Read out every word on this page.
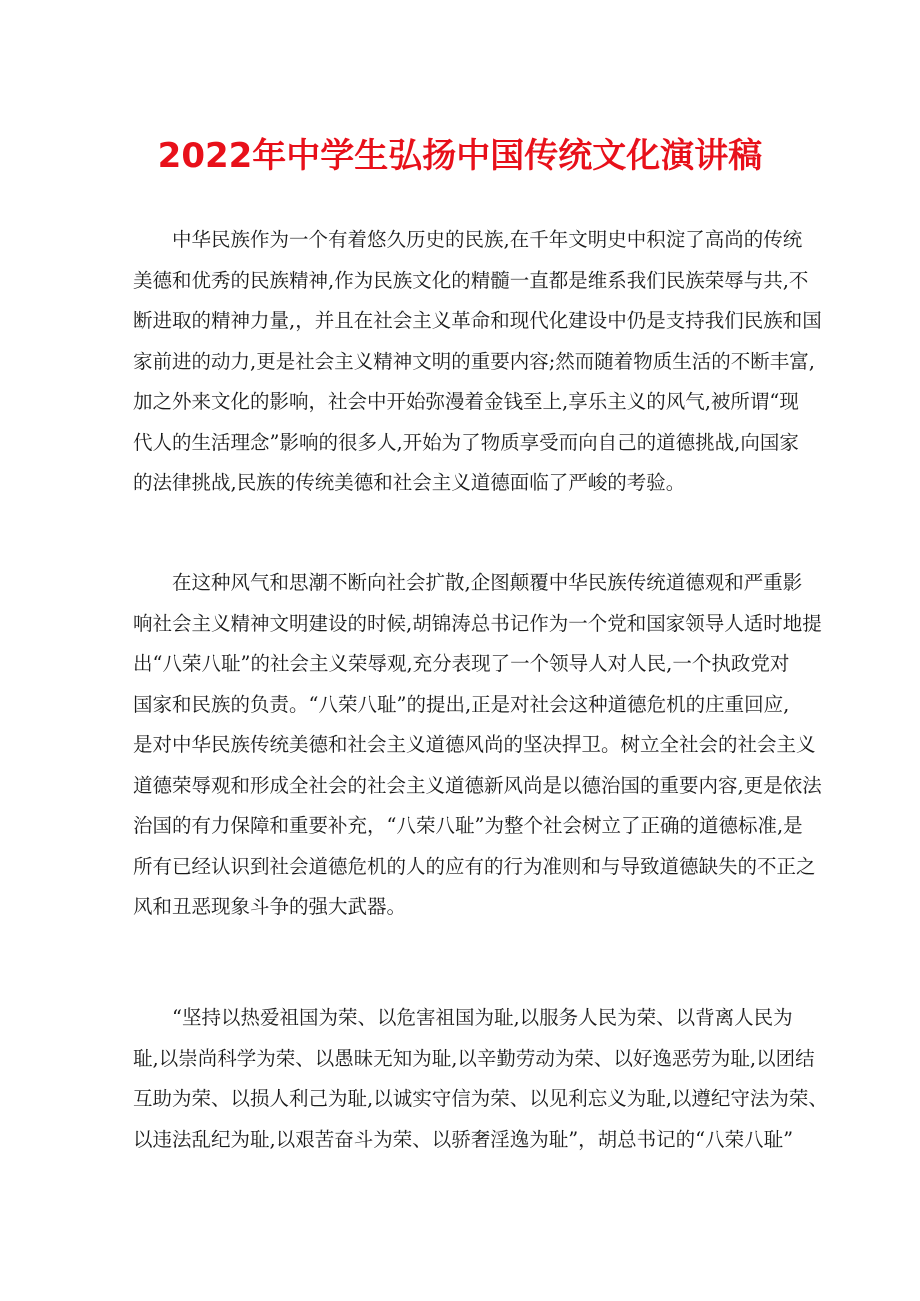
2022年中学生弘扬中国传统文化演讲稿
　　中华民族作为一个有着悠久历史的民族,在千年文明史中积淀了高尚的传统
美德和优秀的民族精神,作为民族文化的精髓一直都是维系我们民族荣辱与共,不
断进取的精神力量,，并且在社会主义革命和现代化建设中仍是支持我们民族和国
家前进的动力,更是社会主义精神文明的重要内容;然而随着物质生活的不断丰富,
加之外来文化的影响，社会中开始弥漫着金钱至上,享乐主义的风气,被所谓“现
代人的生活理念”影响的很多人,开始为了物质享受而向自己的道德挑战,向国家
的法律挑战,民族的传统美德和社会主义道德面临了严峻的考验。
　　在这种风气和思潮不断向社会扩散,企图颠覆中华民族传统道德观和严重影
响社会主义精神文明建设的时候,胡锦涛总书记作为一个党和国家领导人适时地提
出“八荣八耻”的社会主义荣辱观,充分表现了一个领导人对人民,一个执政党对
国家和民族的负责。“八荣八耻”的提出,正是对社会这种道德危机的庄重回应,
是对中华民族传统美德和社会主义道德风尚的坚决捍卫。树立全社会的社会主义
道德荣辱观和形成全社会的社会主义道德新风尚是以德治国的重要内容,更是依法
治国的有力保障和重要补充，“八荣八耻”为整个社会树立了正确的道德标准,是
所有已经认识到社会道德危机的人的应有的行为准则和与导致道德缺失的不正之
风和丑恶现象斗争的强大武器。
　　“坚持以热爱祖国为荣、以危害祖国为耻,以服务人民为荣、以背离人民为
耻,以崇尚科学为荣、以愚昧无知为耻,以辛勤劳动为荣、以好逸恶劳为耻,以团结
互助为荣、以损人利己为耻,以诚实守信为荣、以见利忘义为耻,以遵纪守法为荣、
以违法乱纪为耻,以艰苦奋斗为荣、以骄奢淫逸为耻”，胡总书记的“八荣八耻”
